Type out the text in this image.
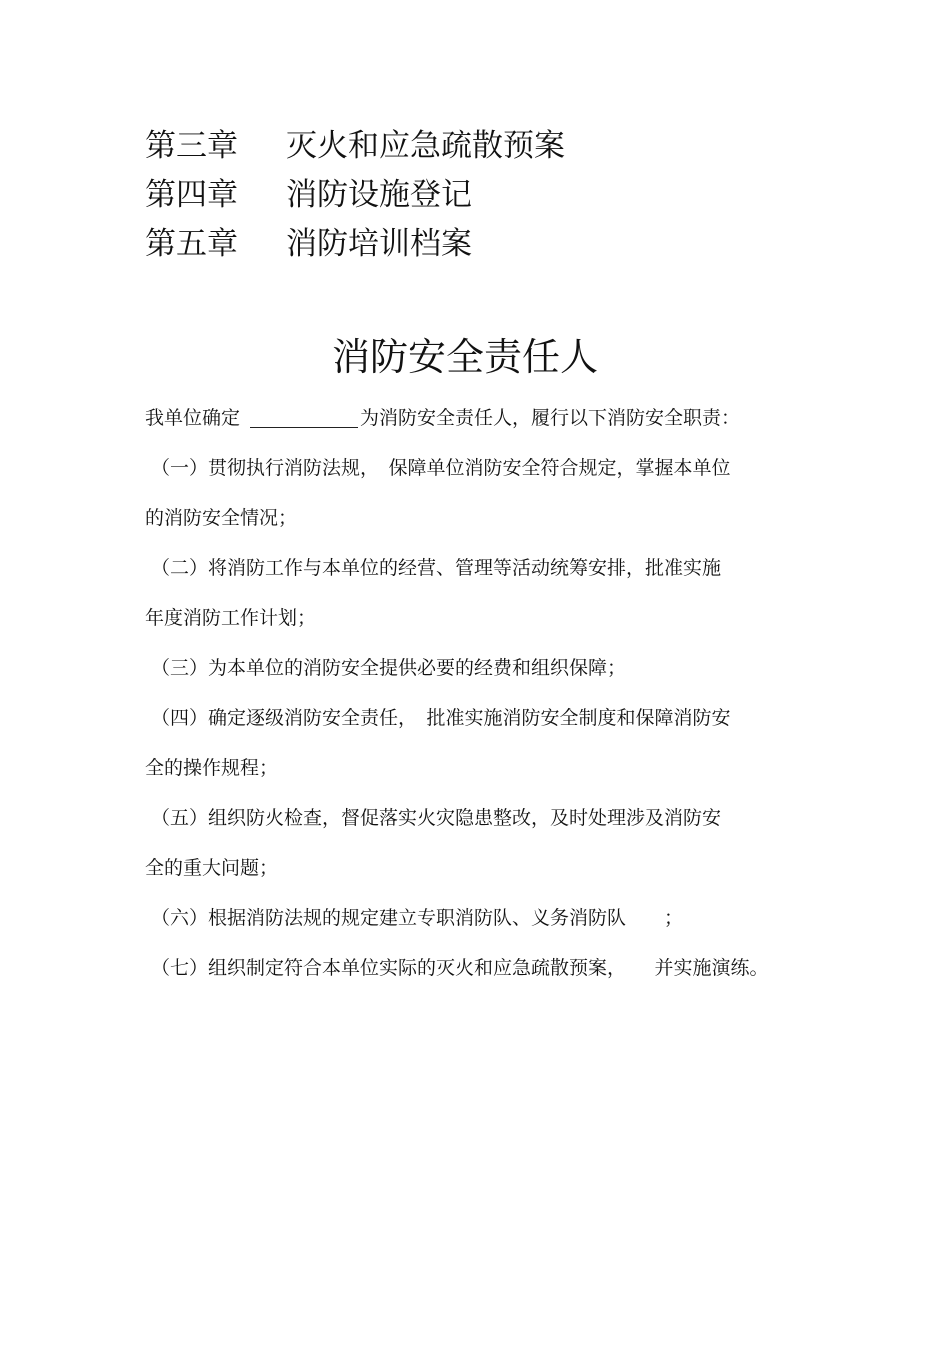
第三章 灭火和应急疏散预案
第四章 消防设施登记
第五章 消防培训档案
消防安全责任人
我单位确定	为消防安全责任人，履行以下消防安全职责：
（一）贯彻执行消防法规，　保障单位消防安全符合规定，掌握本单位
的消防安全情况；
（二）将消防工作与本单位的经营、管理等活动统筹安排，批准实施
年度消防工作计划；
（三）为本单位的消防安全提供必要的经费和组织保障；
（四）确定逐级消防安全责任，　批准实施消防安全制度和保障消防安
全的操作规程；
（五）组织防火检查，督促落实火灾隐患整改，及时处理涉及消防安
全的重大问题；
（六）根据消防法规的规定建立专职消防队、义务消防队　　；
（七）组织制定符合本单位实际的灭火和应急疏散预案，　　并实施演练。
